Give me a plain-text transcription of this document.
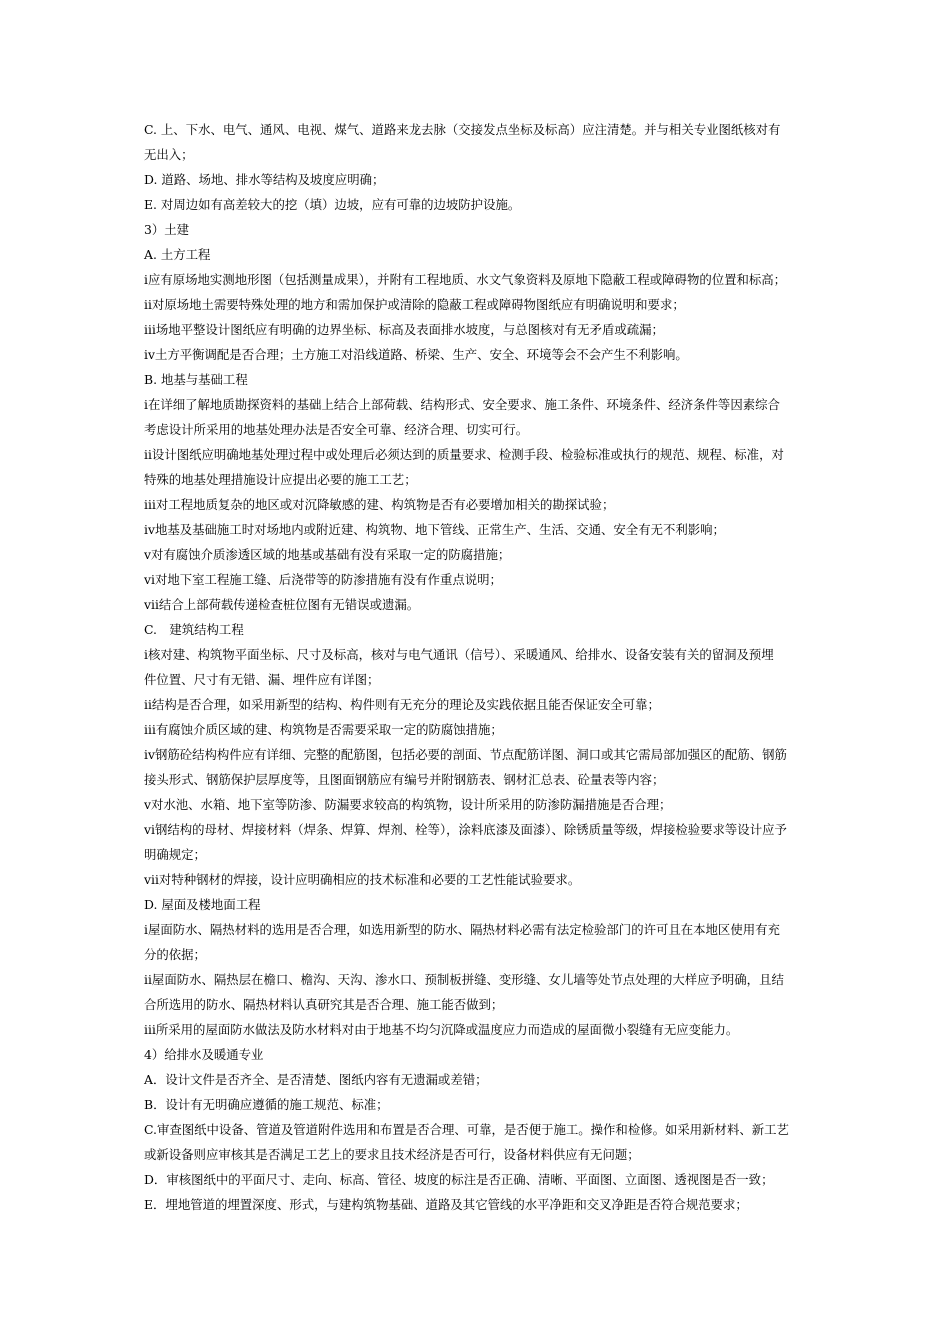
C. 上、下水、电气、通风、电视、煤气、道路来龙去脉（交接发点坐标及标高）应注清楚。并与相关专业图纸核对有
无出入；
D. 道路、场地、排水等结构及坡度应明确；
E. 对周边如有高差较大的挖（填）边坡，应有可靠的边坡防护设施。
3）土建
A. 土方工程
ⅰ应有原场地实测地形图（包括测量成果），并附有工程地质、水文气象资料及原地下隐蔽工程或障碍物的位置和标高；
ⅱ对原场地土需要特殊处理的地方和需加保护或清除的隐蔽工程或障碍物图纸应有明确说明和要求；
ⅲ场地平整设计图纸应有明确的边界坐标、标高及表面排水坡度，与总图核对有无矛盾或疏漏；
ⅳ土方平衡调配是否合理；土方施工对沿线道路、桥梁、生产、安全、环境等会不会产生不利影响。
B. 地基与基础工程
ⅰ在详细了解地质勘探资料的基础上结合上部荷载、结构形式、安全要求、施工条件、环境条件、经济条件等因素综合
考虑设计所采用的地基处理办法是否安全可靠、经济合理、切实可行。
ⅱ设计图纸应明确地基处理过程中或处理后必须达到的质量要求、检测手段、检验标准或执行的规范、规程、标准，对
特殊的地基处理措施设计应提出必要的施工工艺；
ⅲ对工程地质复杂的地区或对沉降敏感的建、构筑物是否有必要增加相关的勘探试验；
ⅳ地基及基础施工时对场地内或附近建、构筑物、地下管线、正常生产、生活、交通、安全有无不利影响；
ⅴ对有腐蚀介质渗透区域的地基或基础有没有采取一定的防腐措施；
ⅵ对地下室工程施工缝、后浇带等的防渗措施有没有作重点说明；
ⅶ结合上部荷载传递检查桩位图有无错误或遗漏。
C.　建筑结构工程
ⅰ核对建、构筑物平面坐标、尺寸及标高，核对与电气通讯（信号）、采暖通风、给排水、设备安装有关的留洞及预埋
件位置、尺寸有无错、漏、埋件应有详图；
ⅱ结构是否合理，如采用新型的结构、构件则有无充分的理论及实践依据且能否保证安全可靠；
ⅲ有腐蚀介质区域的建、构筑物是否需要采取一定的防腐蚀措施；
ⅳ钢筋砼结构构件应有详细、完整的配筋图，包括必要的剖面、节点配筋详图、洞口或其它需局部加强区的配筋、钢筋
接头形式、钢筋保护层厚度等，且图面钢筋应有编号并附钢筋表、钢材汇总表、砼量表等内容；
ⅴ对水池、水箱、地下室等防渗、防漏要求较高的构筑物，设计所采用的防渗防漏措施是否合理；
ⅵ钢结构的母材、焊接材料（焊条、焊算、焊剂、栓等），涂料底漆及面漆）、除锈质量等级，焊接检验要求等设计应予
明确规定；
ⅶ对特种钢材的焊接，设计应明确相应的技术标准和必要的工艺性能试验要求。
D. 屋面及楼地面工程
ⅰ屋面防水、隔热材料的选用是否合理，如选用新型的防水、隔热材料必需有法定检验部门的许可且在本地区使用有充
分的依据；
ⅱ屋面防水、隔热层在檐口、檐沟、天沟、渗水口、预制板拼缝、变形缝、女儿墙等处节点处理的大样应予明确，且结
合所选用的防水、隔热材料认真研究其是否合理、施工能否做到；
ⅲ所采用的屋面防水做法及防水材料对由于地基不均匀沉降或温度应力而造成的屋面微小裂缝有无应变能力。
4）给排水及暖通专业
A．设计文件是否齐全、是否清楚、图纸内容有无遗漏或差错；
B．设计有无明确应遵循的施工规范、标准；
C.审查图纸中设备、管道及管道附件选用和布置是否合理、可靠，是否便于施工。操作和检修。如采用新材料、新工艺
或新设备则应审核其是否满足工艺上的要求且技术经济是否可行，设备材料供应有无问题；
D．审核图纸中的平面尺寸、走向、标高、管径、坡度的标注是否正确、清晰、平面图、立面图、透视图是否一致；
E．埋地管道的埋置深度、形式，与建构筑物基础、道路及其它管线的水平净距和交叉净距是否符合规范要求；
